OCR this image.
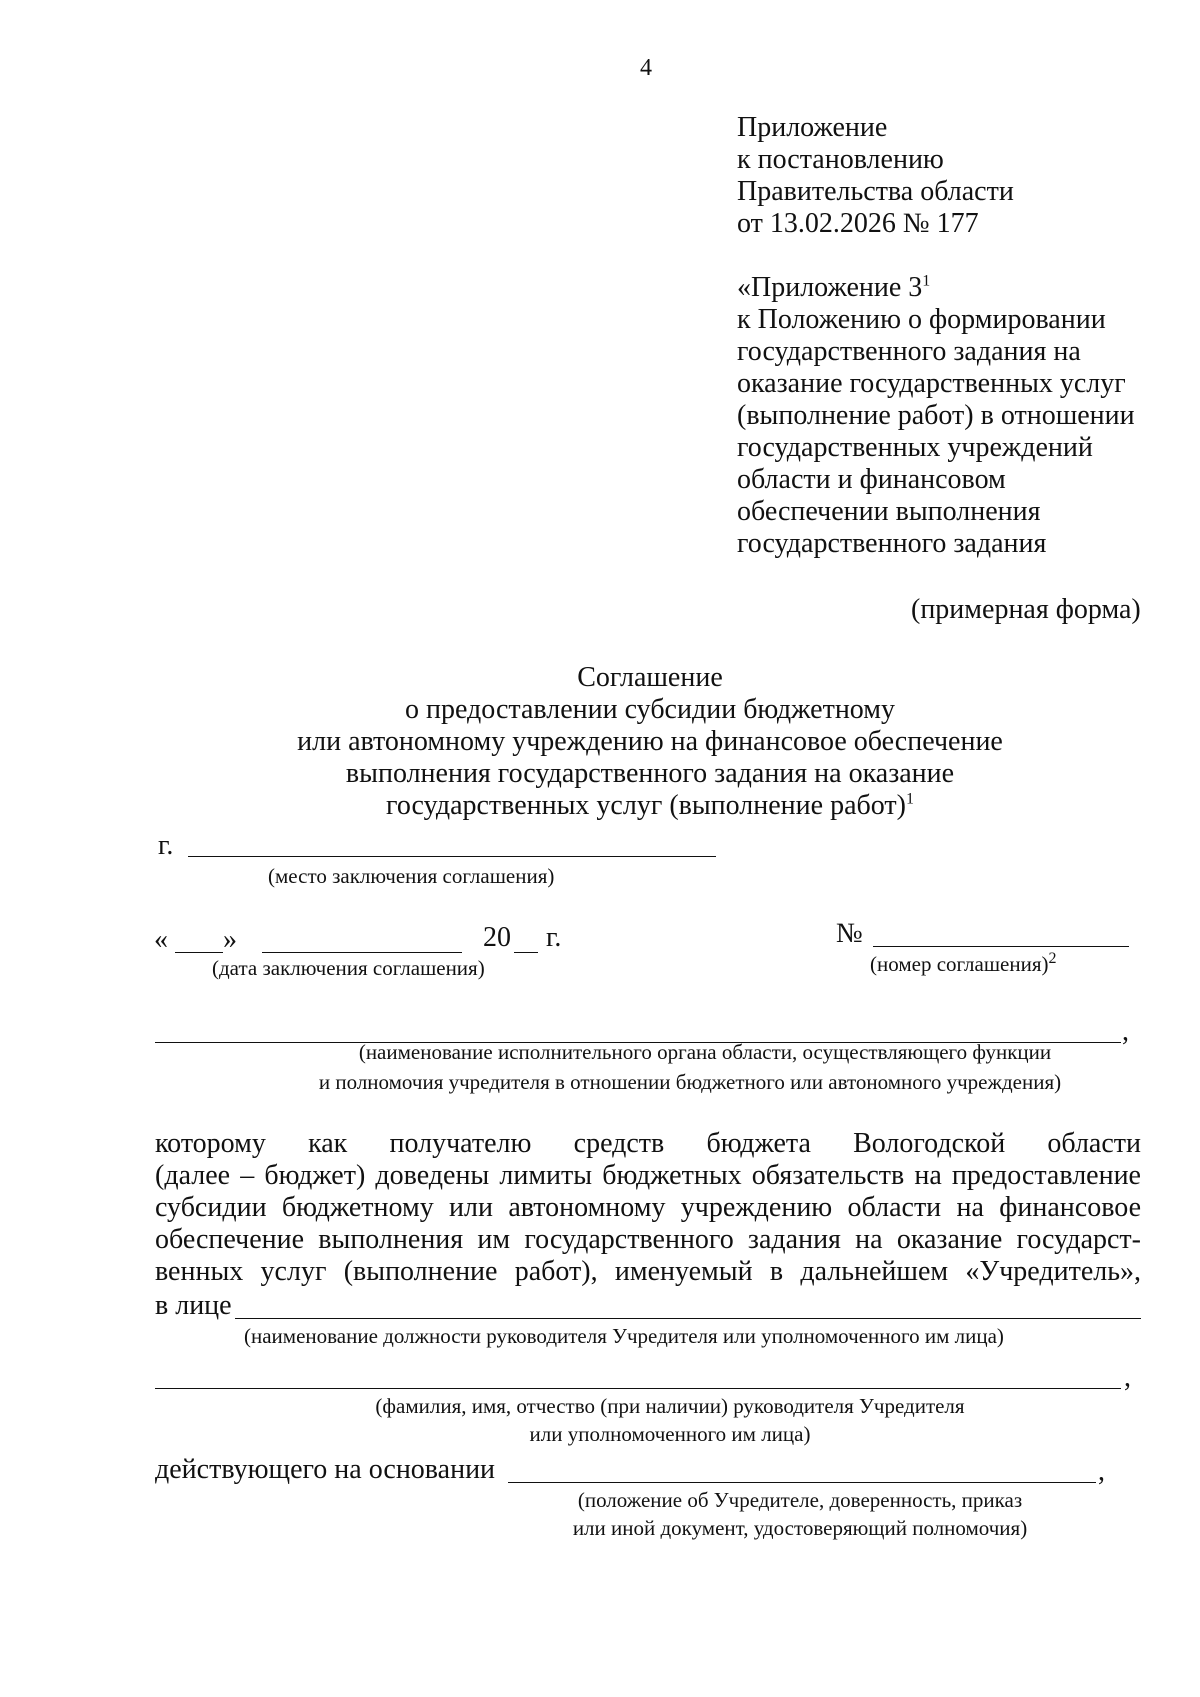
4
Приложение
к постановлению
Правительства области
от 13.02.2026 № 177
«Приложение $3^1$
к Положению о формировании
государственного задания на
оказание государственных услуг
(выполнение работ) в отношении
государственных учреждений
области и финансовом
обеспечении выполнения
государственного задания
(примерная форма)
Соглашение
о предоставлении субсидии бюджетному
или автономному учреждению на финансовое обеспечение
выполнения государственного задания на оказание
государственных услуг (выполнение работ)$^1$
г.
(место заключения соглашения)
« »	20 г.
(дата заключения соглашения)
№
(номер соглашения)$^2$
,
(наименование исполнительного органа области, осуществляющего функции
и полномочия учредителя в отношении бюджетного или автономного учреждения)
которому как получателю средств бюджета Вологодской области
(далее – бюджет) доведены лимиты бюджетных обязательств на предоставление
субсидии бюджетному или автономному учреждению области на финансовое
обеспечение выполнения им государственного задания на оказание государст-
венных услуг (выполнение работ), именуемый в дальнейшем «Учредитель»,
в лице
(наименование должности руководителя Учредителя или уполномоченного им лица)
,
(фамилия, имя, отчество (при наличии) руководителя Учредителя
или уполномоченного им лица)
действующего на основании	,
(положение об Учредителе, доверенность, приказ
или иной документ, удостоверяющий полномочия)
